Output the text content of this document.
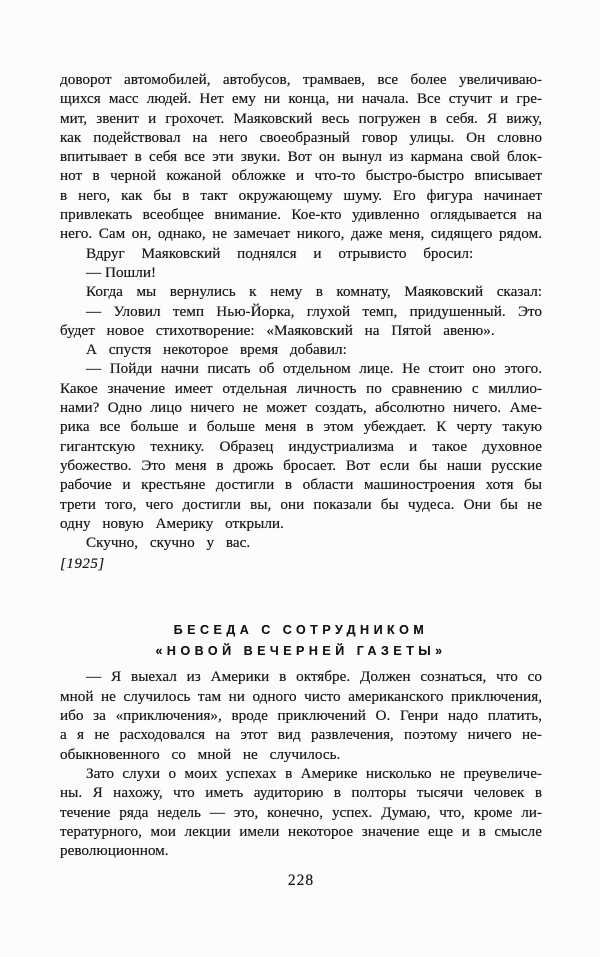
доворот автомобилей, автобусов, трамваев, все более увеличиваю-
щихся масс людей. Нет ему ни конца, ни начала. Все стучит и гре-
мит, звенит и грохочет. Маяковский весь погружен в себя. Я вижу,
как подействовал на него своеобразный говор улицы. Он словно
впитывает в себя все эти звуки. Вот он вынул из кармана свой блок-
нот в черной кожаной обложке и что-то быстро-быстро вписывает
в него, как бы в такт окружающему шуму. Его фигура начинает
привлекать всеобщее внимание. Кое-кто удивленно оглядывается на
него. Сам он, однако, не замечает никого, даже меня, сидящего рядом.
Вдруг Маяковский поднялся и отрывисто бросил:
— Пошли!
Когда мы вернулись к нему в комнату, Маяковский сказал:
— Уловил темп Нью-Йорка, глухой темп, придушенный. Это
будет новое стихотворение: «Маяковский на Пятой авеню».
А спустя некоторое время добавил:
— Пойди начни писать об отдельном лице. Не стоит оно этого.
Какое значение имеет отдельная личность по сравнению с миллио-
нами? Одно лицо ничего не может создать, абсолютно ничего. Аме-
рика все больше и больше меня в этом убеждает. К черту такую
гигантскую технику. Образец индустриализма и такое духовное
убожество. Это меня в дрожь бросает. Вот если бы наши русские
рабочие и крестьяне достигли в области машиностроения хотя бы
трети того, чего достигли вы, они показали бы чудеса. Они бы не
одну новую Америку открыли.
Скучно, скучно у вас.
[1925]
БЕСЕДА С СОТРУДНИКОМ
«НОВОЙ ВЕЧЕРНЕЙ ГАЗЕТЫ»
— Я выехал из Америки в октябре. Должен сознаться, что со
мной не случилось там ни одного чисто американского приключения,
ибо за «приключения», вроде приключений О. Генри надо платить,
а я не расходовался на этот вид развлечения, поэтому ничего не-
обыкновенного со мной не случилось.
Зато слухи о моих успехах в Америке нисколько не преувеличе-
ны. Я нахожу, что иметь аудиторию в полторы тысячи человек в
течение ряда недель — это, конечно, успех. Думаю, что, кроме ли-
тературного, мои лекции имели некоторое значение еще и в смысле
революционном.
228
